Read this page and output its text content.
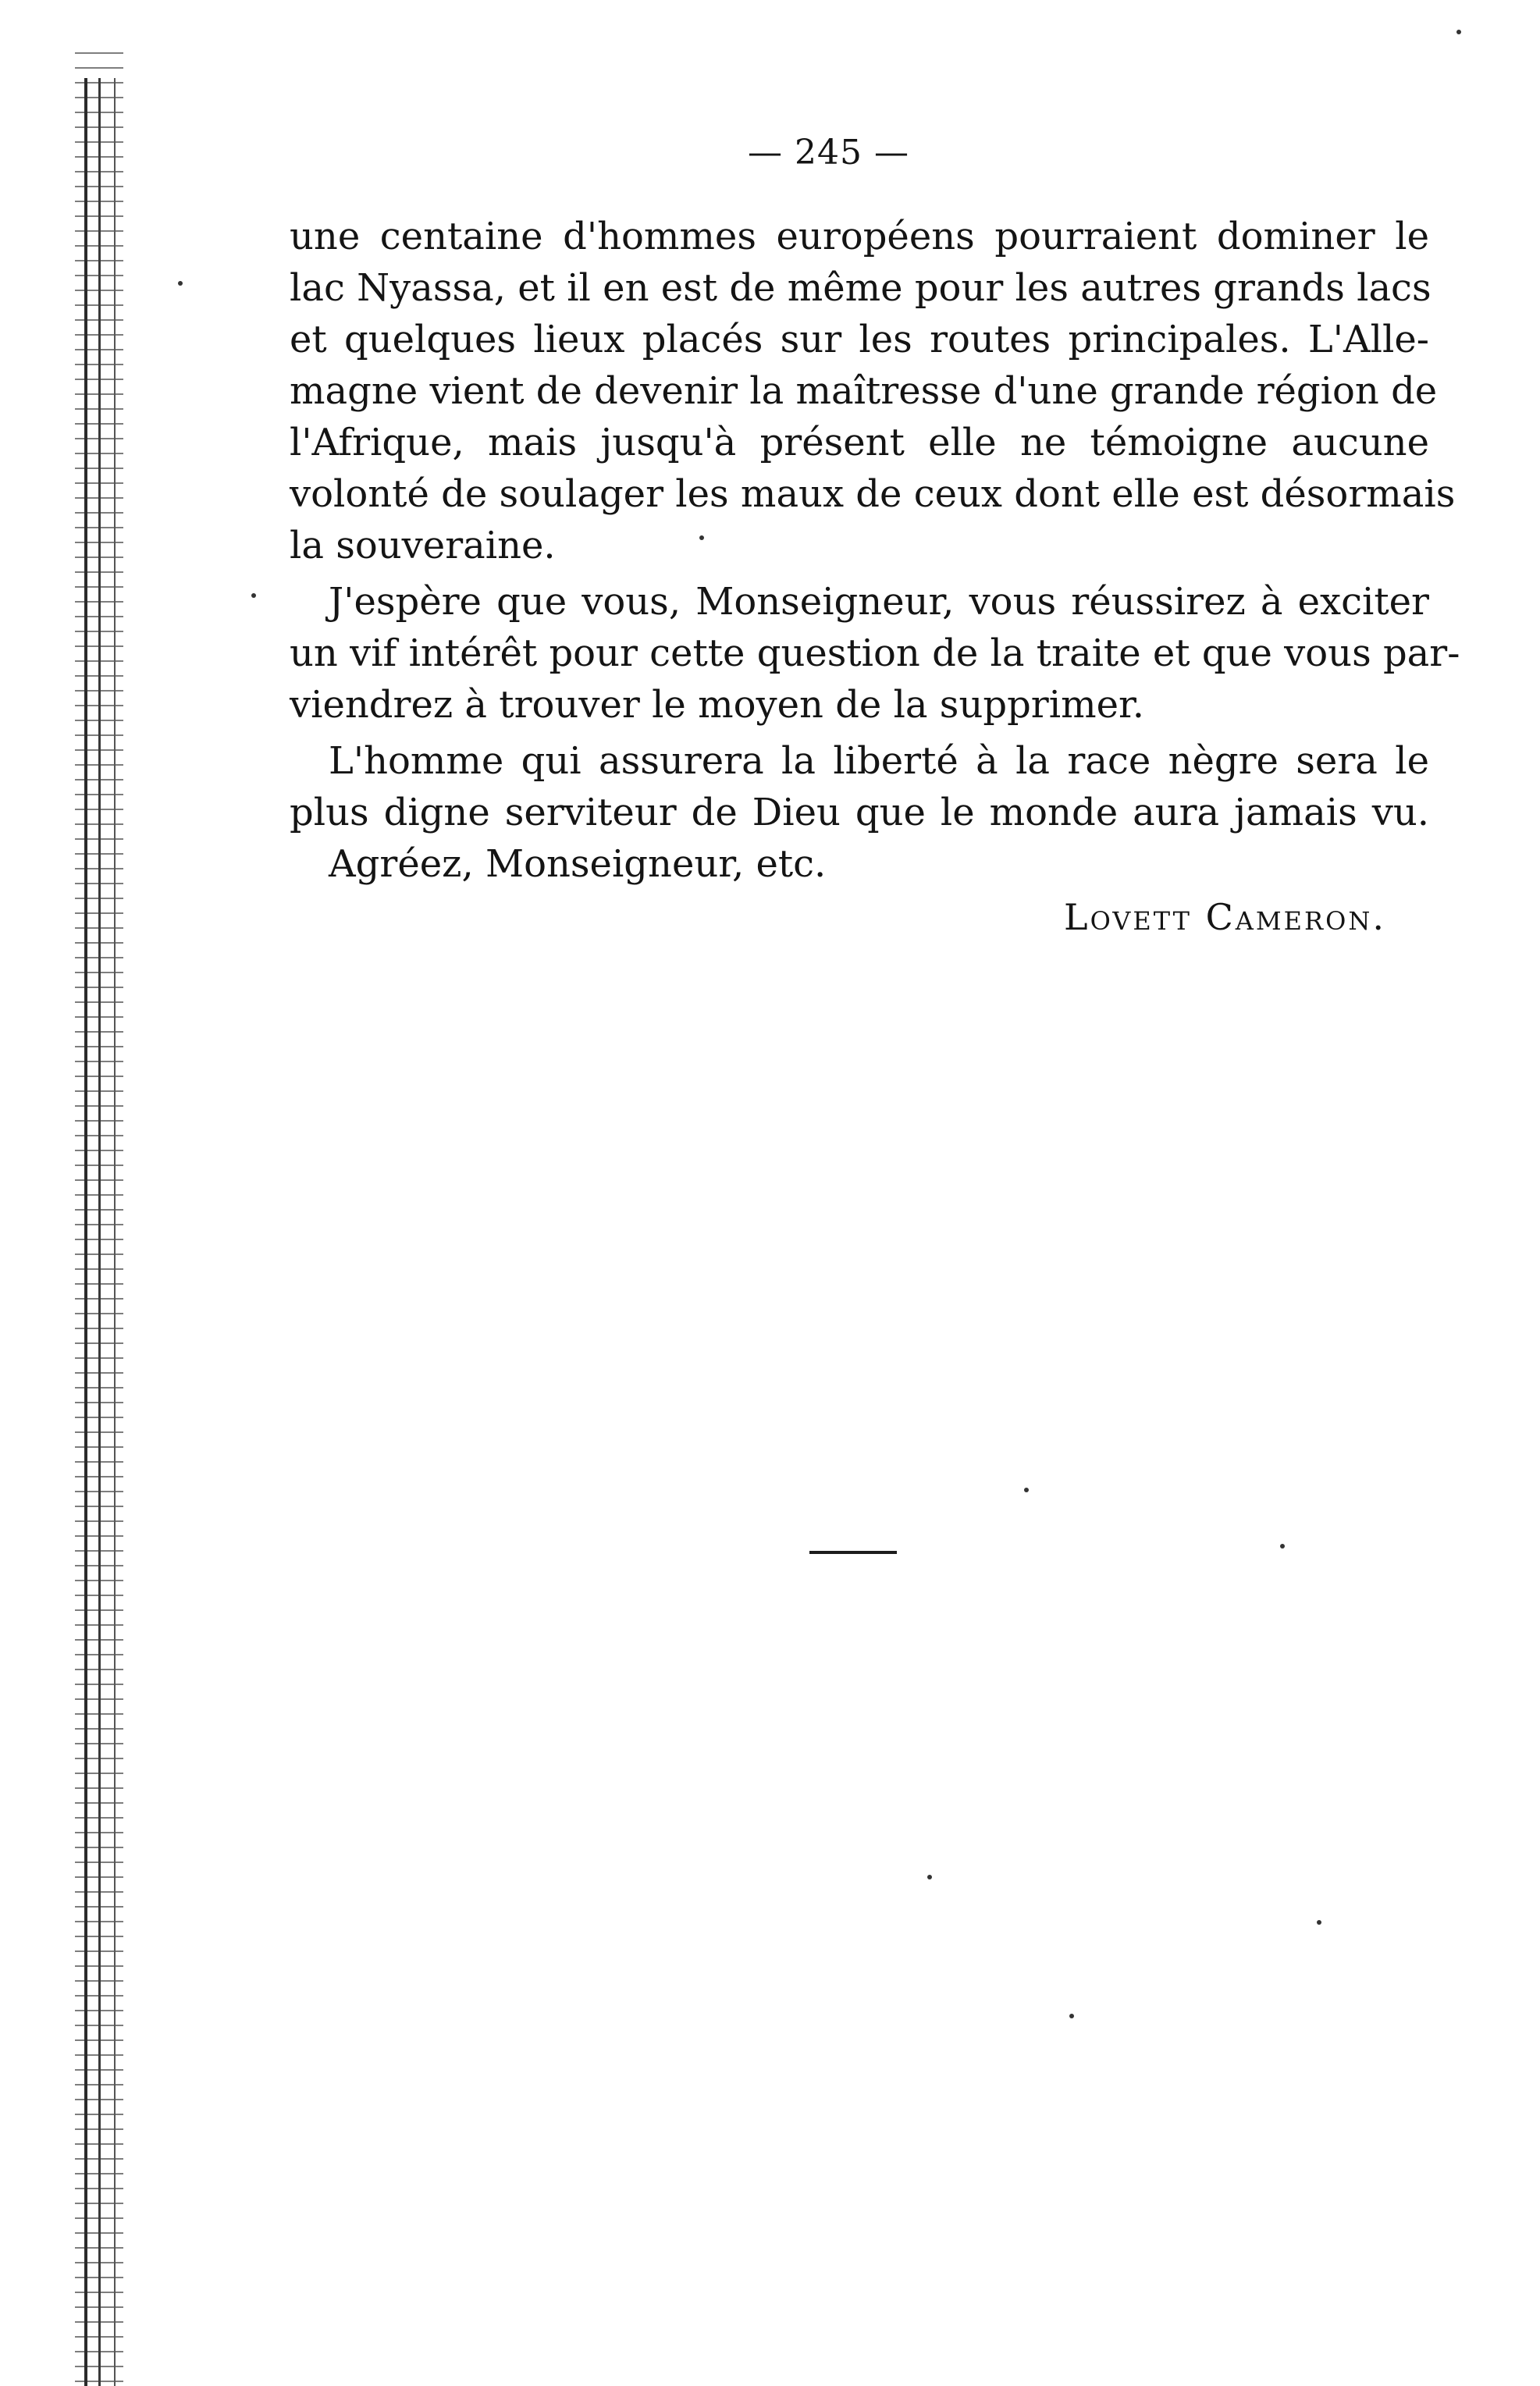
— 245 —
une centaine d'hommes européens pourraient dominer le
lac Nyassa, et il en est de même pour les autres grands lacs
et quelques lieux placés sur les routes principales. L'Alle-
magne vient de devenir la maîtresse d'une grande région de
l'Afrique, mais jusqu'à présent elle ne témoigne aucune
volonté de soulager les maux de ceux dont elle est désormais
la souveraine.
J'espère que vous, Monseigneur, vous réussirez à exciter
un vif intérêt pour cette question de la traite et que vous par-
viendrez à trouver le moyen de la supprimer.
L'homme qui assurera la liberté à la race nègre sera le
plus digne serviteur de Dieu que le monde aura jamais vu.
Agréez, Monseigneur, etc.
Lovett Cameron.
